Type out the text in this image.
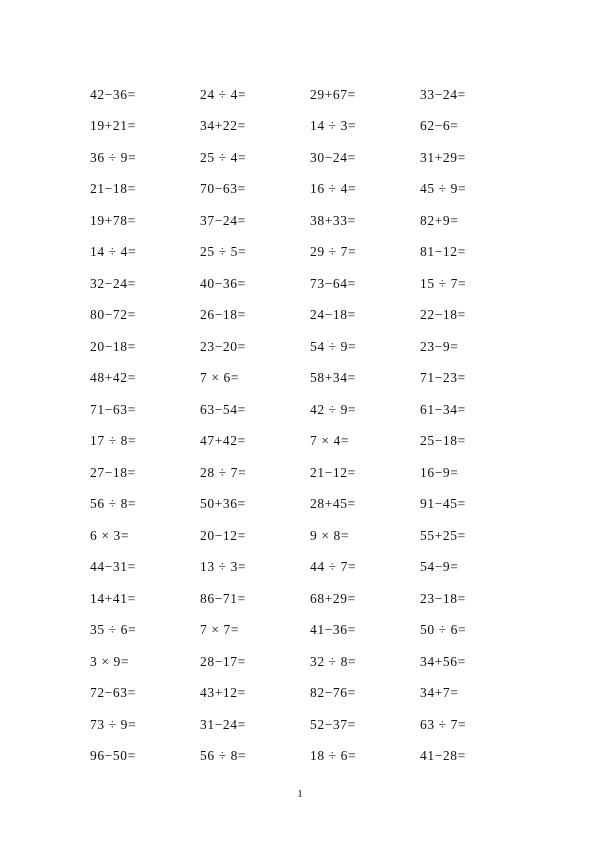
42−36=	24 ÷ 4=	29+67=	33−24=
19+21=	34+22=	14 ÷ 3=	62−6=
36 ÷ 9=	25 ÷ 4=	30−24=	31+29=
21−18=	70−63=	16 ÷ 4=	45 ÷ 9=
19+78=	37−24=	38+33=	82+9=
14 ÷ 4=	25 ÷ 5=	29 ÷ 7=	81−12=
32−24=	40−36=	73−64=	15 ÷ 7=
80−72=	26−18=	24−18=	22−18=
20−18=	23−20=	54 ÷ 9=	23−9=
48+42=	7 × 6=	58+34=	71−23=
71−63=	63−54=	42 ÷ 9=	61−34=
17 ÷ 8=	47+42=	7 × 4=	25−18=
27−18=	28 ÷ 7=	21−12=	16−9=
56 ÷ 8=	50+36=	28+45=	91−45=
6 × 3=	20−12=	9 × 8=	55+25=
44−31=	13 ÷ 3=	44 ÷ 7=	54−9=
14+41=	86−71=	68+29=	23−18=
35 ÷ 6=	7 × 7=	41−36=	50 ÷ 6=
3 × 9=	28−17=	32 ÷ 8=	34+56=
72−63=	43+12=	82−76=	34+7=
73 ÷ 9=	31−24=	52−37=	63 ÷ 7=
96−50=	56 ÷ 8=	18 ÷ 6=	41−28=
1
